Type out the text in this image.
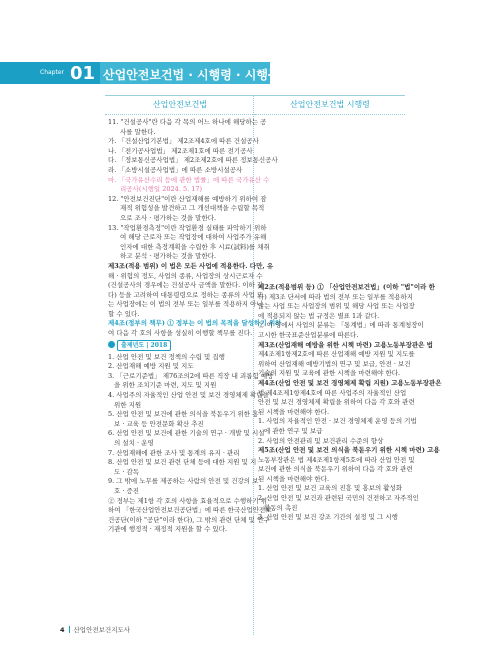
Chapter 01 산업안전보건법 · 시행령 · 시행규칙
산업안전보건법	산업안전보건법 시행령
11. "건설공사"란 다음 각 목의 어느 하나에 해당하는 공
사를 말한다.
가. 「건설산업기본법」 제2조제4호에 따른 건설공사
나. 「전기공사업법」 제2조제1호에 따른 전기공사
다. 「정보통신공사업법」 제2조제2호에 따른 정보통신공사
라. 「소방시설공사업법」에 따른 소방시설공사
마. 「국가유산수리 등에 관한 법률」에 따른 국가유산 수
리공사(시행일 2024. 5. 17)
12. "안전보건진단"이란 산업재해를 예방하기 위하여 잠
재적 위험성을 발견하고 그 개선대책을 수립할 목적
으로 조사 · 평가하는 것을 말한다.
13. "작업환경측정"이란 작업환경 실태를 파악하기 위하
여 해당 근로자 또는 작업장에 대하여 사업주가 유해
인자에 대한 측정계획을 수립한 후 시료(試料)를 채취
하고 분석 · 평가하는 것을 말한다.
제3조(적용 범위) 이 법은 모든 사업에 적용한다. 다만, 유
해 · 위험의 정도, 사업의 종류, 사업장의 상시근로자 수
(건설공사의 경우에는 건설공사 금액을 말한다. 이하 같
다) 등을 고려하여 대통령령으로 정하는 종류의 사업 또
는 사업장에는 이 법의 전부 또는 일부를 적용하지 아니
할 수 있다.
제4조(정부의 책무) ① 정부는 이 법의 목적을 달성하기 위하
여 다음 각 호의 사항을 성실히 이행할 책무를 진다.
출제년도 | 2018
1. 산업 안전 및 보건 정책의 수립 및 집행
2. 산업재해 예방 지원 및 지도
3. 「근로기준법」 제76조의2에 따른 직장 내 괴롭힘 예방
을 위한 조치기준 마련, 지도 및 지원
4. 사업주의 자율적인 산업 안전 및 보건 경영체제 확립을
위한 지원
5. 산업 안전 및 보건에 관한 의식을 북돋우기 위한 홍
보 · 교육 등 안전문화 확산 추진
6. 산업 안전 및 보건에 관한 기술의 연구 · 개발 및 시설
의 설치 · 운영
7. 산업재해에 관한 조사 및 통계의 유지 · 관리
8. 산업 안전 및 보건 관련 단체 등에 대한 지원 및 지
도 · 감독
9. 그 밖에 노무를 제공하는 사람의 안전 및 건강의 보
호 · 증진
② 정부는 제1항 각 호의 사항을 효율적으로 수행하기 위
하여 「한국산업안전보건공단법」에 따른 한국산업안전보
건공단(이하 "공단"이라 한다), 그 밖의 관련 단체 및 연구
기관에 행정적 · 재정적 지원을 할 수 있다.
제2조(적용범위 등) ① 「산업안전보건법」(이하 "법"이라 한
다) 제3조 단서에 따라 법의 전부 또는 일부를 적용하지
않는 사업 또는 사업장의 범위 및 해당 사업 또는 사업장
에 적용되지 않는 법 규정은 별표 1과 같다.
② 이 영에서 사업의 분류는 「통계법」에 따라 통계청장이
고시한 한국표준산업분류에 따른다.
제3조(산업재해 예방을 위한 시책 마련) 고용노동부장관은 법
제4조제1항제2호에 따른 산업재해 예방 지원 및 지도를
위하여 산업재해 예방기법의 연구 및 보급, 안전 · 보건
기술의 지원 및 교육에 관한 시책을 마련해야 한다.
제4조(산업 안전 및 보건 경영체제 확립 지원) 고용노동부장관은
법 제4조제1항제4호에 따른 사업주의 자율적인 산업
안전 및 보건 경영체제 확립을 위하여 다음 각 호와 관련
된 시책을 마련해야 한다.
1. 사업의 자율적인 안전 · 보건 경영체제 운영 등의 기법
에 관한 연구 및 보급
2. 사업의 안전관리 및 보건관리 수준의 향상
제5조(산업 안전 및 보건 의식을 북돋우기 위한 시책 마련) 고용
노동부장관은 법 제4조제1항제5호에 따라 산업 안전 및
보건에 관한 의식을 북돋우기 위하여 다음 각 호와 관련
된 시책을 마련해야 한다.
1. 산업 안전 및 보건 교육의 진흥 및 홍보의 활성화
2. 산업 안전 및 보건과 관련된 국민의 건전하고 자주적인
활동의 촉진
3. 산업 안전 및 보건 강조 기간의 설정 및 그 시행
4 산업안전보건지도사
